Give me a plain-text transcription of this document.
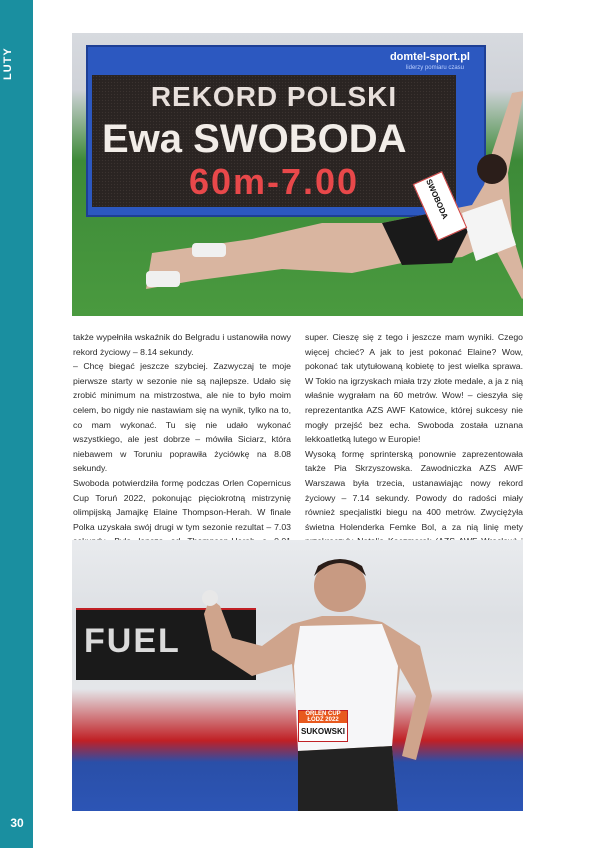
LUTY
30
domtel-sport.pl
liderzy pomiaru czasu
REKORD POLSKI
Ewa SWOBODA
60m-7.00	SWOBODA

także wypełniła wskaźnik do Belgradu i ustanowiła nowy rekord życiowy – 8.14 sekundy.

– Chcę biegać jeszcze szybciej. Zazwyczaj te moje pierwsze starty w sezonie nie są najlepsze. Udało się zrobić minimum na mistrzostwa, ale nie to było moim celem, bo nigdy nie nastawiam się na wynik, tylko na to, co mam wykonać. Tu się nie udało wykonać wszystkiego, ale jest dobrze – mówiła Siciarz, która niebawem w Toruniu poprawiła życiówkę na 8.08 sekundy.

Swoboda potwierdziła formę podczas Orlen Copernicus Cup Toruń 2022, pokonując pięciokrotną mistrzynię olimpijską Jamajkę Elaine Thompson-Herah. W finale Polka uzyskała swój drugi w tym sezonie rezultat – 7.03

super. Cieszę się z tego i jeszcze mam wyniki. Czego więcej chcieć? A jak to jest pokonać Elaine? Wow, pokonać tak utytułowaną kobietę to jest wielka sprawa. W Tokio na igrzyskach miała trzy złote medale, a ja z nią właśnie wygrałam na 60 metrów. Wow! – cieszyła się reprezentantka AZS AWF Katowice, której sukcesy nie mogły przejść bez echa. Swoboda została uznana lekkoatletką lutego w Europie!

Wysoką formę sprinterską ponownie zaprezentowała także Pia Skrzyszowska. Zawodniczka AZS AWF Warszawa była trzecia, ustanawiając nowy rekord życiowy – 7.14 sekundy. Powody do radości miały również specjalistki biegu na 400 metrów. Zwyciężyła świetna Holenderka Femke Bol, a za nią linię mety

FUEL
ORLEN CUP ŁÓDŹ 2022
SUKOWSKI
